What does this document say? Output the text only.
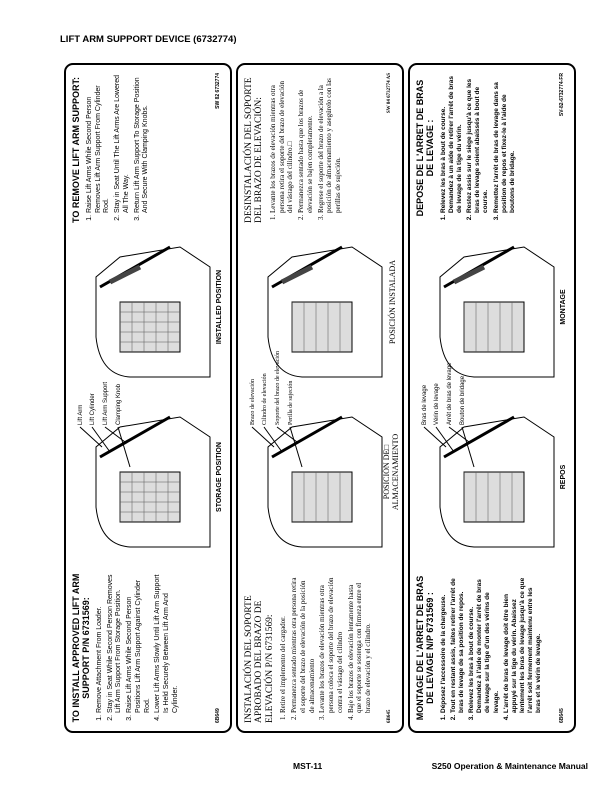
LIFT ARM SUPPORT DEVICE (6732774)
TO INSTALL APPROVED LIFT ARM SUPPORT P/N 6731569: 1. Remove Attachment From Loader. 2. Stay in Seat While Second Person Removes Lift Arm Support From Storage Position. 3. Raise Lift Arms While Second Person Positions Lift Arm Support Against Cylinder Rod. 4. Lower Lift Arms Slowly Until Lift Arm Support Is Held Securely Between Lift Arm And Cylinder.
6B649
Lift Arm Lift Cylinder Lift Arm Support Clamping Knob
STORAGE POSITION
INSTALLED POSITION
TO REMOVE LIFT ARM SUPPORT: 1. Raise Lift Arms While Second Person Removes Lift Arm Support From Cylinder Rod. 2. Stay in Seat Until The Lift Arms Are Lowered All The Way. 3. Return Lift Arm Support To Storage Position And Secure With Clamping Knobs.
SW 82 6732774
INSTALACIÓN DEL SOPORTE APROBADO DEL BRAZO DE ELEVACIÓN P/N 6731569: 1. Retire el implemento del cargador. 2. Permanezca sentado mientras otra persona retira el soporte del brazo de elevación de la posición de almacenamiento 3. Levante los brazos de elevación mientras otra persona coloca el soporte del brazo de elevación contra el vástago del cilindro 4. Baje los brazos de elevación lentamente hasta que el soporte se sostenga con firmeza entre el brazo de elevación y el cilindro.
6B645
Brazo de elevación Cilindro de elevación Soporte del brazo de elevación Perilla de sujeción
POSICIÓN DE□ ALMACENAMIENTO
POSICIÓN INSTALADA
DESINSTALACIÓN DEL SOPORTE DEL BRAZO DE ELEVACIÓN: 1. Levante los brazos de elevación mientras otra persona retira el soporte del brazo de elevación del vástago del cilindro.□ 2. Permanezca sentado hasta que los brazos de elevación se bajen completamente. 3. Regrese el soporte del brazo de elevación a la posición de almacenamiento y asegúrelo con las perillas de sujeción.
SW 84 6732774 AS
MONTAGE DE L'ARRET DE BRAS DE LEVAGE N/P 6731569 : 1. Déposez l'accessoire de la chargeuse. 2. Tout en restant assis, faites retirer l'arrêt de bras de levage de sa position de repos. 3. Relevez les bras à bout de course. Demandez à l'aide de monter l'arrêt de bras de levage sur la tige d'un des vérins de levage. 4. L'arrêt de bras de levage doit être bien appuyé sur la tige du vérin. Abaissez lentement les bras de levage jusqu'à ce que l'arrêt soit fermement maintenu entre les bras et le vérin de levage.
6B645
Bras de levage Vérin de levage Arrêt de bras de levage Bouton de bridage
REPOS
MONTAGE
DEPOSE DE L'ARRET DE BRAS DE LEVAGE : 1. Relevez les bras à bout de course. Demandez à un aide de retirer l'arrêt de bras de levage de la tige du vérin. 2. Restez assis sur le siège jusqu'à ce que les bras de levage soient abaissés à bout de course. 3. Remettez l'arrêt de bras de levage dans sa position de repos et fixez-le à l'aide de boutons de bridage.
SV-82-6732774-FR
MST-11	S250 Operation & Maintenance Manual
